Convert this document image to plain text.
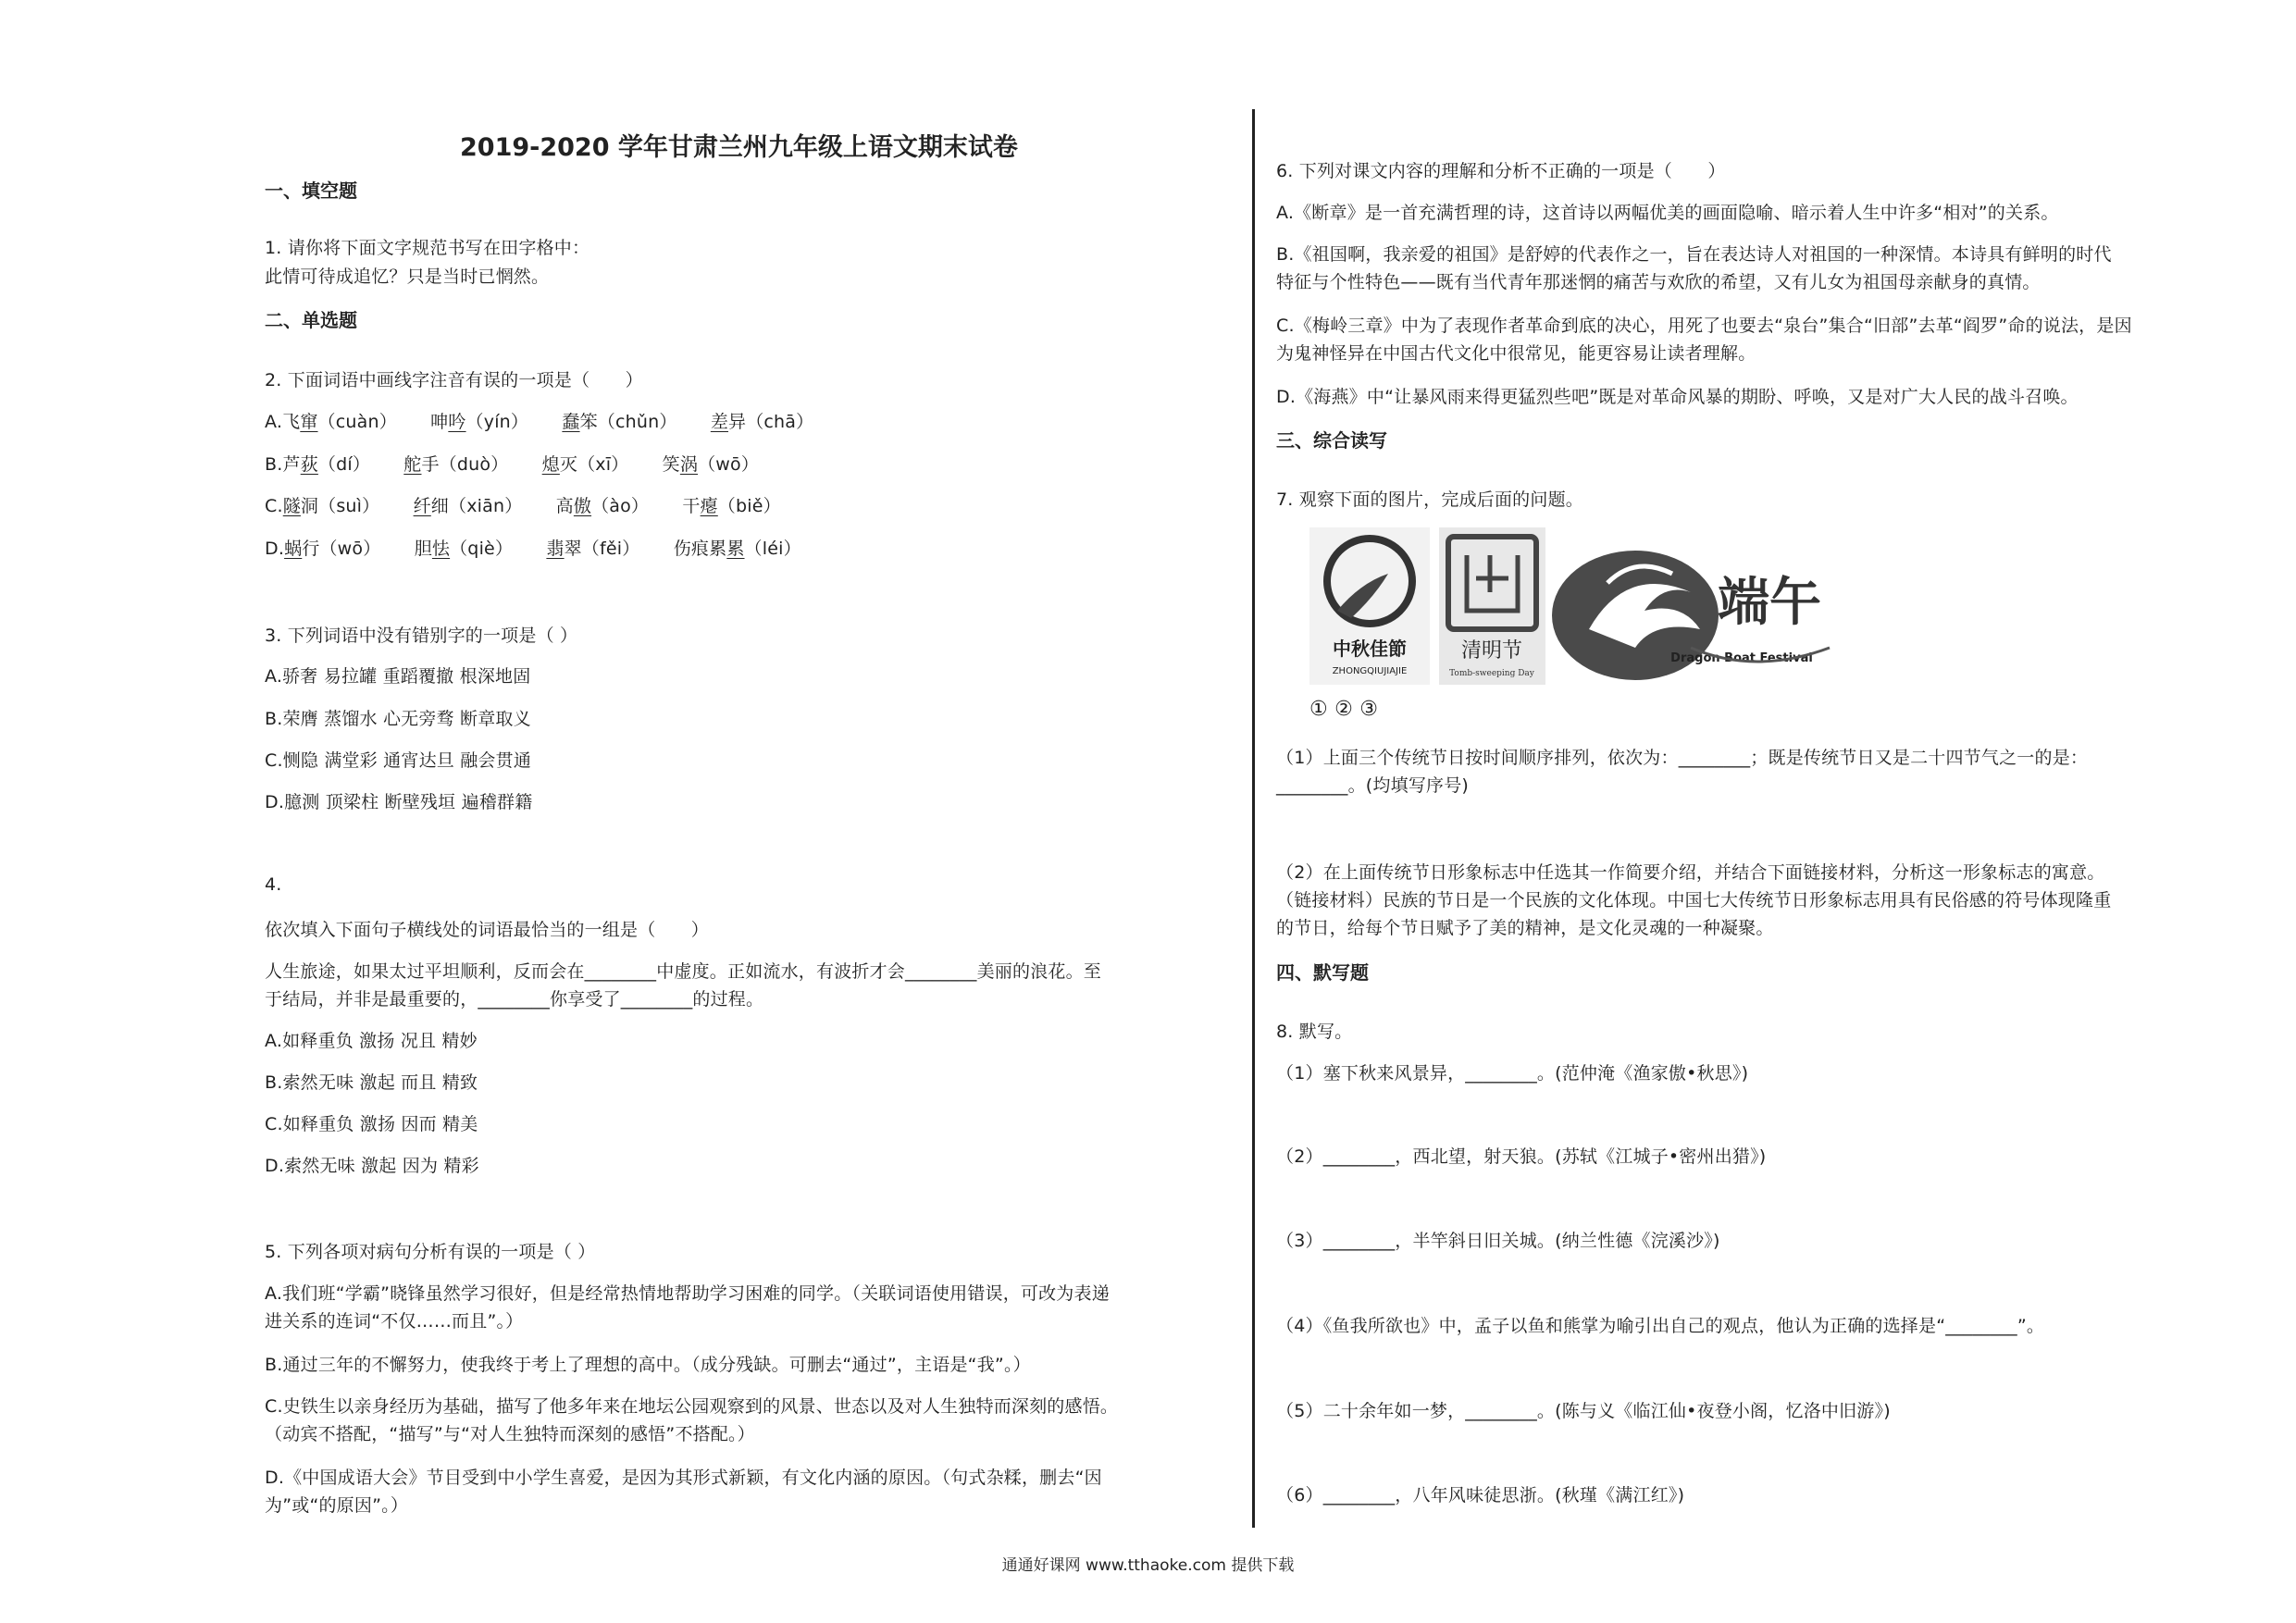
2019-2020 学年甘肃兰州九年级上语文期末试卷
一、填空题
1. 请你将下面文字规范书写在田字格中：
此情可待成追忆？只是当时已惘然。
二、单选题
2. 下面词语中画线字注音有误的一项是（　　）
A.飞窜（cuàn） 呻吟（yín） 蠢笨（chǔn） 差异（chā）
B.芦荻（dí） 舵手（duò） 熄灭（xī） 笑涡（wō）
C.隧洞（suì） 纤细（xiān） 高傲（ào） 干瘪（biě）
D.蜗行（wō） 胆怯（qiè） 翡翠（fěi） 伤痕累累（léi）
3. 下列词语中没有错别字的一项是（ ）
A.骄奢 易拉罐 重蹈覆撤 根深地固
B.荣膺 蒸馏水 心无旁骛 断章取义
C.恻隐 满堂彩 通宵达旦 融会贯通
D.臆测 顶梁柱 断壁残垣 遍稽群籍
4.
依次填入下面句子横线处的词语最恰当的一组是（　　）
人生旅途，如果太过平坦顺利，反而会在________中虚度。正如流水，有波折才会________美丽的浪花。至
于结局，并非是最重要的，________你享受了________的过程。
A.如释重负 激扬 况且 精妙
B.索然无味 激起 而且 精致
C.如释重负 激扬 因而 精美
D.索然无味 激起 因为 精彩
5. 下列各项对病句分析有误的一项是（ ）
A.我们班“学霸”晓锋虽然学习很好，但是经常热情地帮助学习困难的同学。（关联词语使用错误，可改为表递
进关系的连词“不仅……而且”。）
B.通过三年的不懈努力，使我终于考上了理想的高中。（成分残缺。可删去“通过”，主语是“我”。）
C.史铁生以亲身经历为基础，描写了他多年来在地坛公园观察到的风景、世态以及对人生独特而深刻的感悟。
（动宾不搭配，“描写”与“对人生独特而深刻的感悟”不搭配。）
D.《中国成语大会》节目受到中小学生喜爱，是因为其形式新颖，有文化内涵的原因。（句式杂糅，删去“因
为”或“的原因”。）
6. 下列对课文内容的理解和分析不正确的一项是（　　）
A.《断章》是一首充满哲理的诗，这首诗以两幅优美的画面隐喻、暗示着人生中许多“相对”的关系。
B.《祖国啊，我亲爱的祖国》是舒婷的代表作之一，旨在表达诗人对祖国的一种深情。本诗具有鲜明的时代
特征与个性特色——既有当代青年那迷惘的痛苦与欢欣的希望，又有儿女为祖国母亲献身的真情。
C.《梅岭三章》中为了表现作者革命到底的决心，用死了也要去“泉台”集合“旧部”去革“阎罗”命的说法，是因
为鬼神怪异在中国古代文化中很常见，能更容易让读者理解。
D.《海燕》中“让暴风雨来得更猛烈些吧”既是对革命风暴的期盼、呼唤，又是对广大人民的战斗召唤。
三、综合读写
7. 观察下面的图片，完成后面的问题。
中秋佳節
ZHONGQIUJIAJIE
清明节
Tomb-sweeping Day
端午
Dragon Boat Festival
① ② ③
（1）上面三个传统节日按时间顺序排列，依次为：________；既是传统节日又是二十四节气之一的是：
________。(均填写序号)
（2）在上面传统节日形象标志中任选其一作简要介绍，并结合下面链接材料，分析这一形象标志的寓意。
（链接材料）民族的节日是一个民族的文化体现。中国七大传统节日形象标志用具有民俗感的符号体现隆重
的节日，给每个节日赋予了美的精神，是文化灵魂的一种凝聚。
四、默写题
8. 默写。
（1）塞下秋来风景异，________。(范仲淹《渔家傲•秋思》)
（2）________，西北望，射天狼。(苏轼《江城子•密州出猎》)
（3）________，半竿斜日旧关城。(纳兰性德《浣溪沙》)
（4）《鱼我所欲也》中，孟子以鱼和熊掌为喻引出自己的观点，他认为正确的选择是“________”。
（5）二十余年如一梦，________。(陈与义《临江仙•夜登小阁，忆洛中旧游》)
（6）________，八年风味徒思浙。(秋瑾《满江红》)
通通好课网 www.tthaoke.com 提供下载
